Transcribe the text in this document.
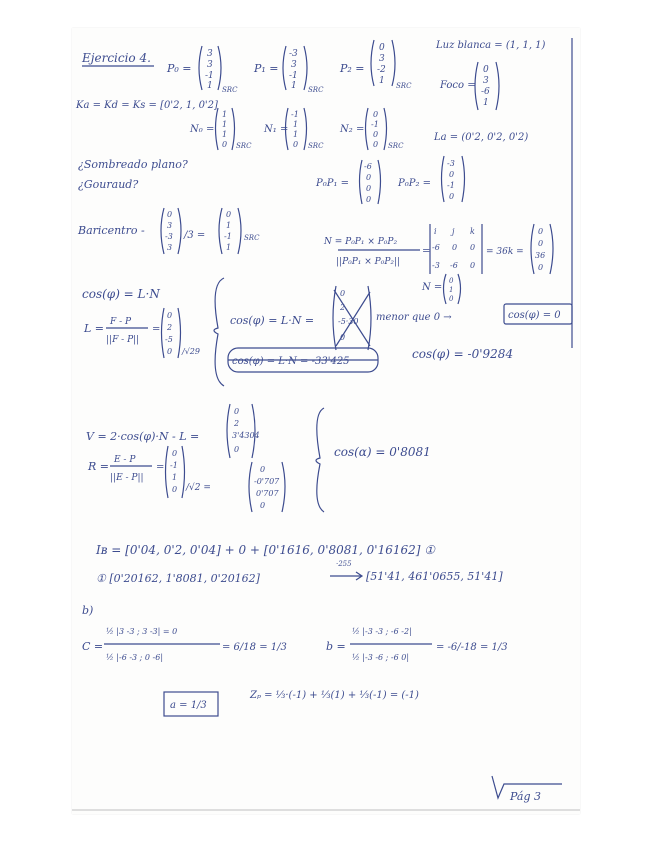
Ejercicio 4.
P₀ =
3
3
-1
1 SRC
P₁ =
-3
3
-1
1 SRC
P₂ =
0
3
-2
1 SRC
Luz blanca = (1, 1, 1)
Foco =
0
3
-6
1
Ka = Kd = Ks = [0'2, 1, 0'2]
N₀ =
1
1
1
0 SRC
N₁ =
-1
1
1
0 SRC
N₂ =
0
-1
0
0 SRC
La = (0'2, 0'2, 0'2)
¿Sombreado plano?
¿Gouraud?	P₀P₁ =
-6
0
0
0
P₀P₂ =
-3
0
-1
0
Baricentro -
0
3
-3
3
/3 =
0
1
-1
1
SRC	N = P₀P₁ × P₀P₂
||P₀P₁ × P₀P₂||
=
i j k
-6 0 0
-3 -6 0
= 36k =
0
0
36
0
N =
0
1
0
cos(φ) = L·N
F - P
L =
||F - P||
=
0
2
-5
0 /√29
cos(φ) = L·N =
0
2
-5·30
0
menor que 0 →	cos(φ) = 0
cos(φ) = L·N = -33'425
cos(φ) = -0'9284
V = 2·cos(φ)·N - L =
0
2
3'4304
0
E - P
R =
||E - P||
=
0
-1
1
0 /√2 =
0
-0'707
0'707
0
cos(α) = 0'8081
Iʙ = [0'04, 0'2, 0'04] + 0 + [0'1616, 0'8081, 0'16162] ①
① [0'20162, 1'8081, 0'20162]
·255
[51'41, 461'0655, 51'41]
b)
C =
½ |3 -3 ; 3 -3| = 0
½ |-6 -3 ; 0 -6|
= 6/18 = 1/3	b =
½ |-3 -3 ; -6 -2|
½ |-3 -6 ; -6 0|
= -6/-18 = 1/3
a = 1/3
Zₚ = ⅓·(-1) + ⅓(1) + ⅓(-1) = (-1)
Pág 3
